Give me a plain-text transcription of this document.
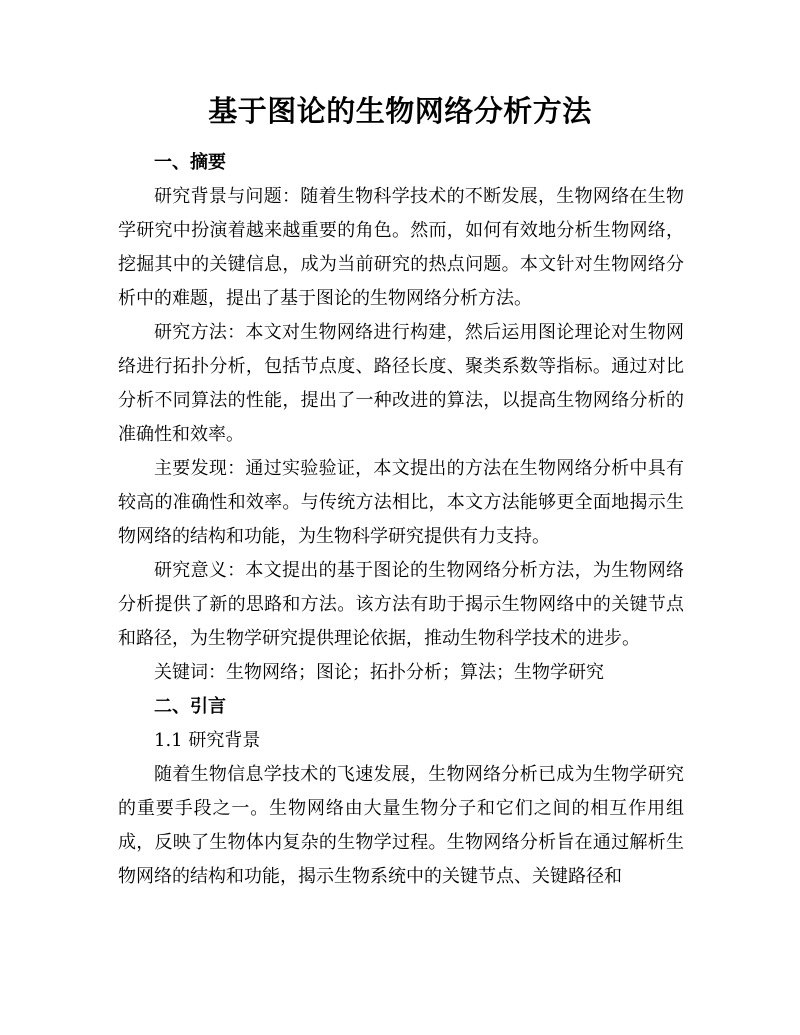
基于图论的生物网络分析方法
一、摘要

研究背景与问题：随着生物科学技术的不断发展，生物网络在生物学研究中扮演着越来越重要的角色。然而，如何有效地分析生物网络，挖掘其中的关键信息，成为当前研究的热点问题。本文针对生物网络分析中的难题，提出了基于图论的生物网络分析方法。

研究方法：本文对生物网络进行构建，然后运用图论理论对生物网络进行拓扑分析，包括节点度、路径长度、聚类系数等指标。通过对比分析不同算法的性能，提出了一种改进的算法，以提高生物网络分析的准确性和效率。

主要发现：通过实验验证，本文提出的方法在生物网络分析中具有较高的准确性和效率。与传统方法相比，本文方法能够更全面地揭示生物网络的结构和功能，为生物科学研究提供有力支持。

研究意义：本文提出的基于图论的生物网络分析方法，为生物网络分析提供了新的思路和方法。该方法有助于揭示生物网络中的关键节点和路径，为生物学研究提供理论依据，推动生物科学技术的进步。

关键词：生物网络；图论；拓扑分析；算法；生物学研究
二、引言
1.1 研究背景

随着生物信息学技术的飞速发展，生物网络分析已成为生物学研究的重要手段之一。生物网络由大量生物分子和它们之间的相互作用组成，反映了生物体内复杂的生物学过程。生物网络分析旨在通过解析生物网络的结构和功能，揭示生物系统中的关键节点、关键路径和
